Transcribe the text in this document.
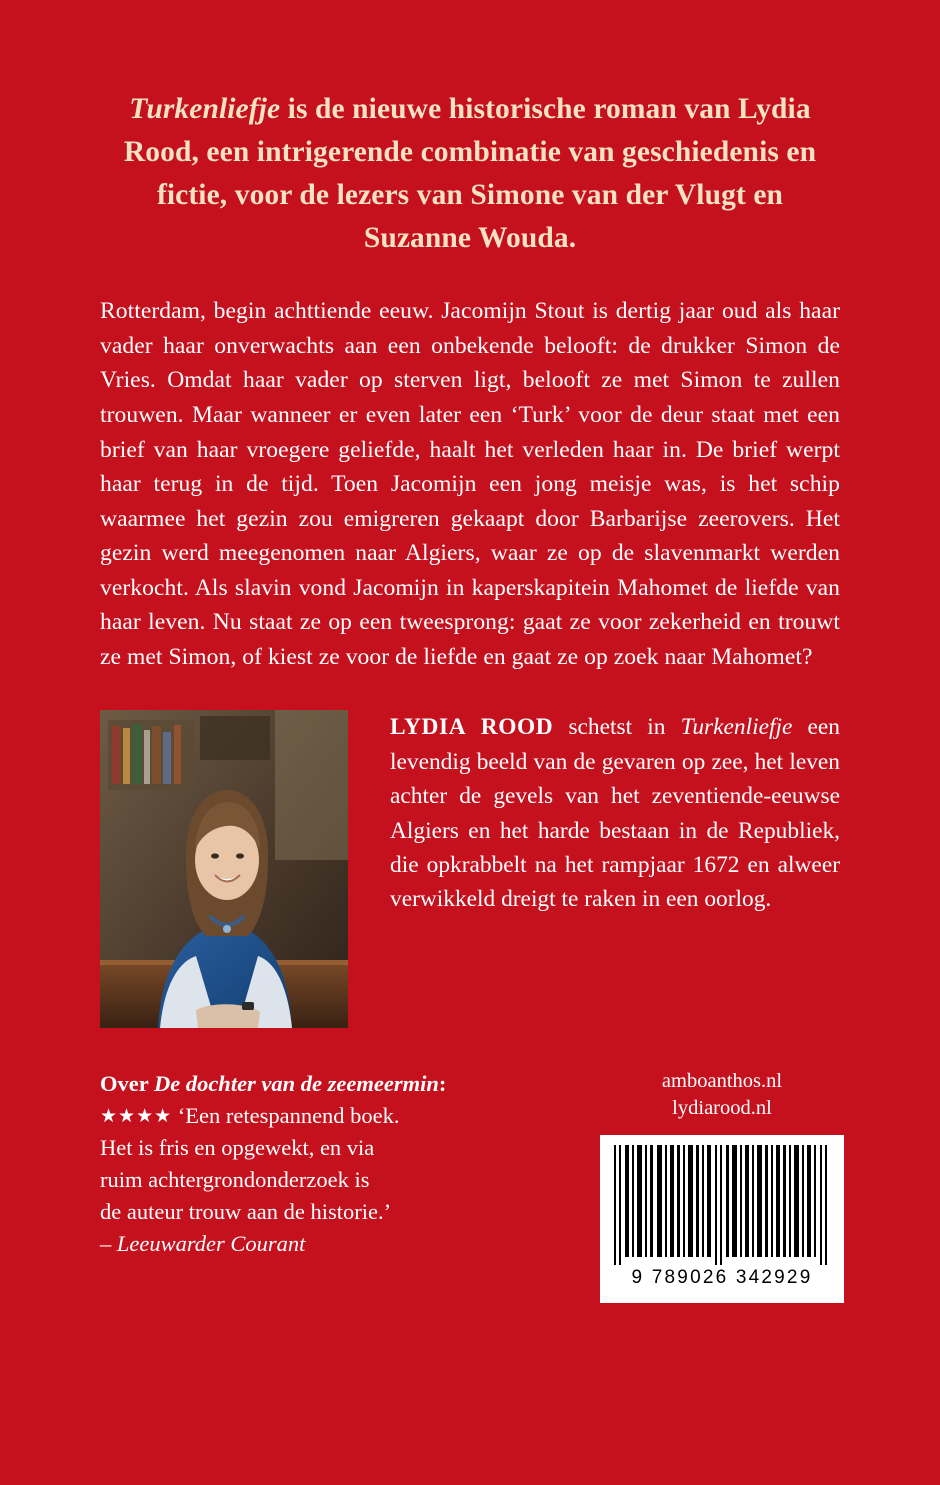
Turkenliefje is de nieuwe historische roman van Lydia Rood, een intrigerende combinatie van geschiedenis en fictie, voor de lezers van Simone van der Vlugt en Suzanne Wouda.

Rotterdam, begin achttiende eeuw. Jacomijn Stout is dertig jaar oud als haar vader haar onverwachts aan een onbekende belooft: de drukker Simon de Vries. Omdat haar vader op sterven ligt, belooft ze met Simon te zullen trouwen. Maar wanneer er even later een ‘Turk’ voor de deur staat met een brief van haar vroegere geliefde, haalt het verleden haar in. De brief werpt haar terug in de tijd. Toen Jacomijn een jong meisje was, is het schip waarmee het gezin zou emigreren gekaapt door Barbarijse zeerovers. Het gezin werd meegenomen naar Algiers, waar ze op de slavenmarkt werden verkocht. Als slavin vond Jacomijn in kaperskapitein Mahomet de liefde van haar leven. Nu staat ze op een tweesprong: gaat ze voor zekerheid en trouwt ze met Simon, of kiest ze voor de liefde en gaat ze op zoek naar Mahomet?

LYDIA ROOD schetst in Turkenliefje een levendig beeld van de gevaren op zee, het leven achter de gevels van het zeventiende-eeuwse Algiers en het harde bestaan in de Republiek, die opkrabbelt na het rampjaar 1672 en alweer verwikkeld dreigt te raken in een oorlog.
Over De dochter van de zeemeermin:
★★★★ ‘Een retespannend boek.
Het is fris en opgewekt, en via
ruim achtergrondonderzoek is
de auteur trouw aan de historie.’
– Leeuwarder Courant
amboanthos.nl
lydiarood.nl
9 789026 342929
